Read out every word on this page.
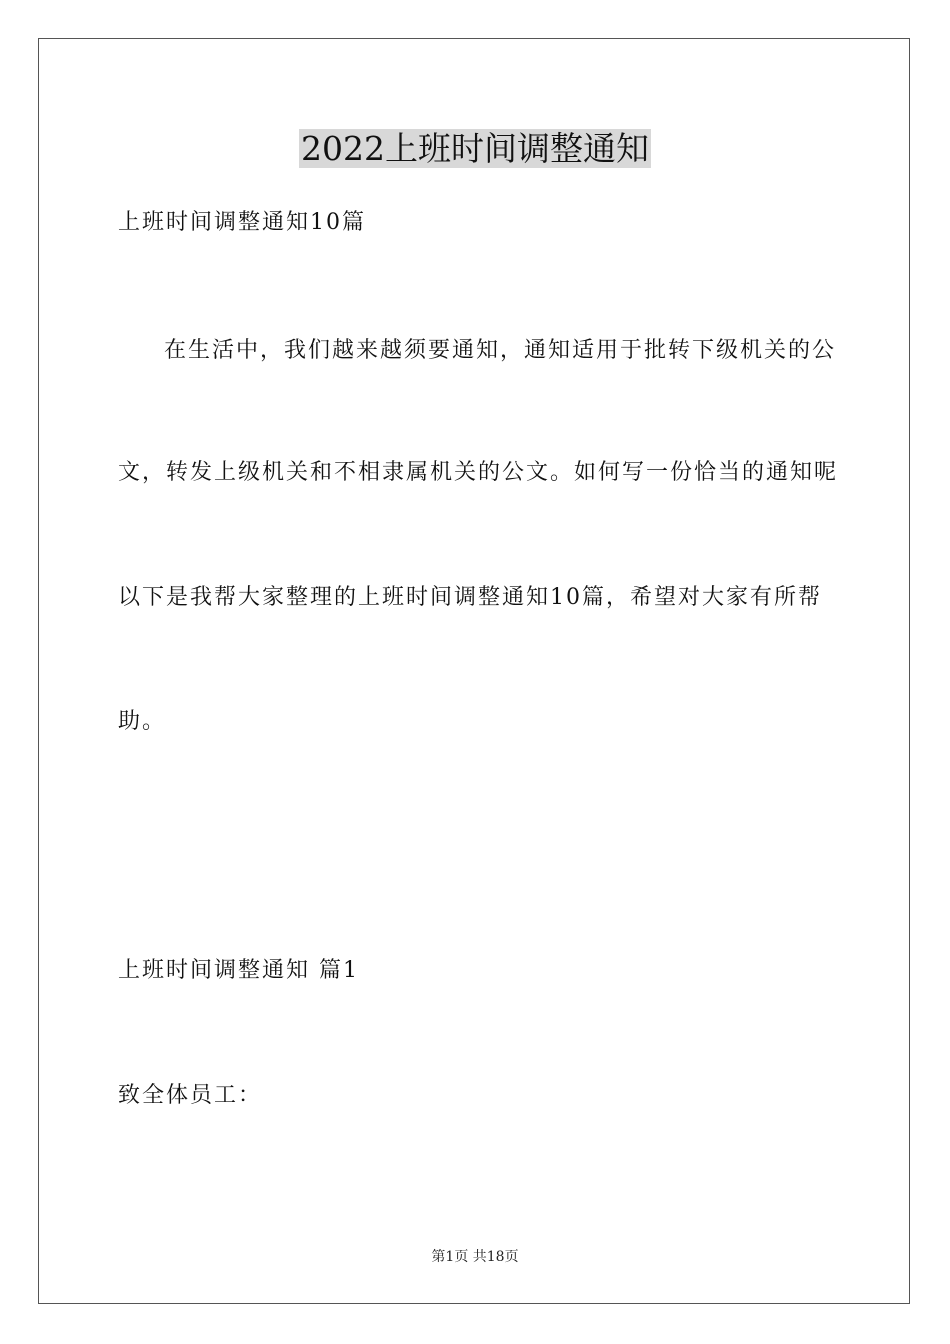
2022上班时间调整通知
上班时间调整通知10篇
在生活中，我们越来越须要通知，通知适用于批转下级机关的公
文，转发上级机关和不相隶属机关的公文。如何写一份恰当的通知呢
以下是我帮大家整理的上班时间调整通知10篇，希望对大家有所帮
助。
上班时间调整通知 篇1
致全体员工：
第1页 共18页
